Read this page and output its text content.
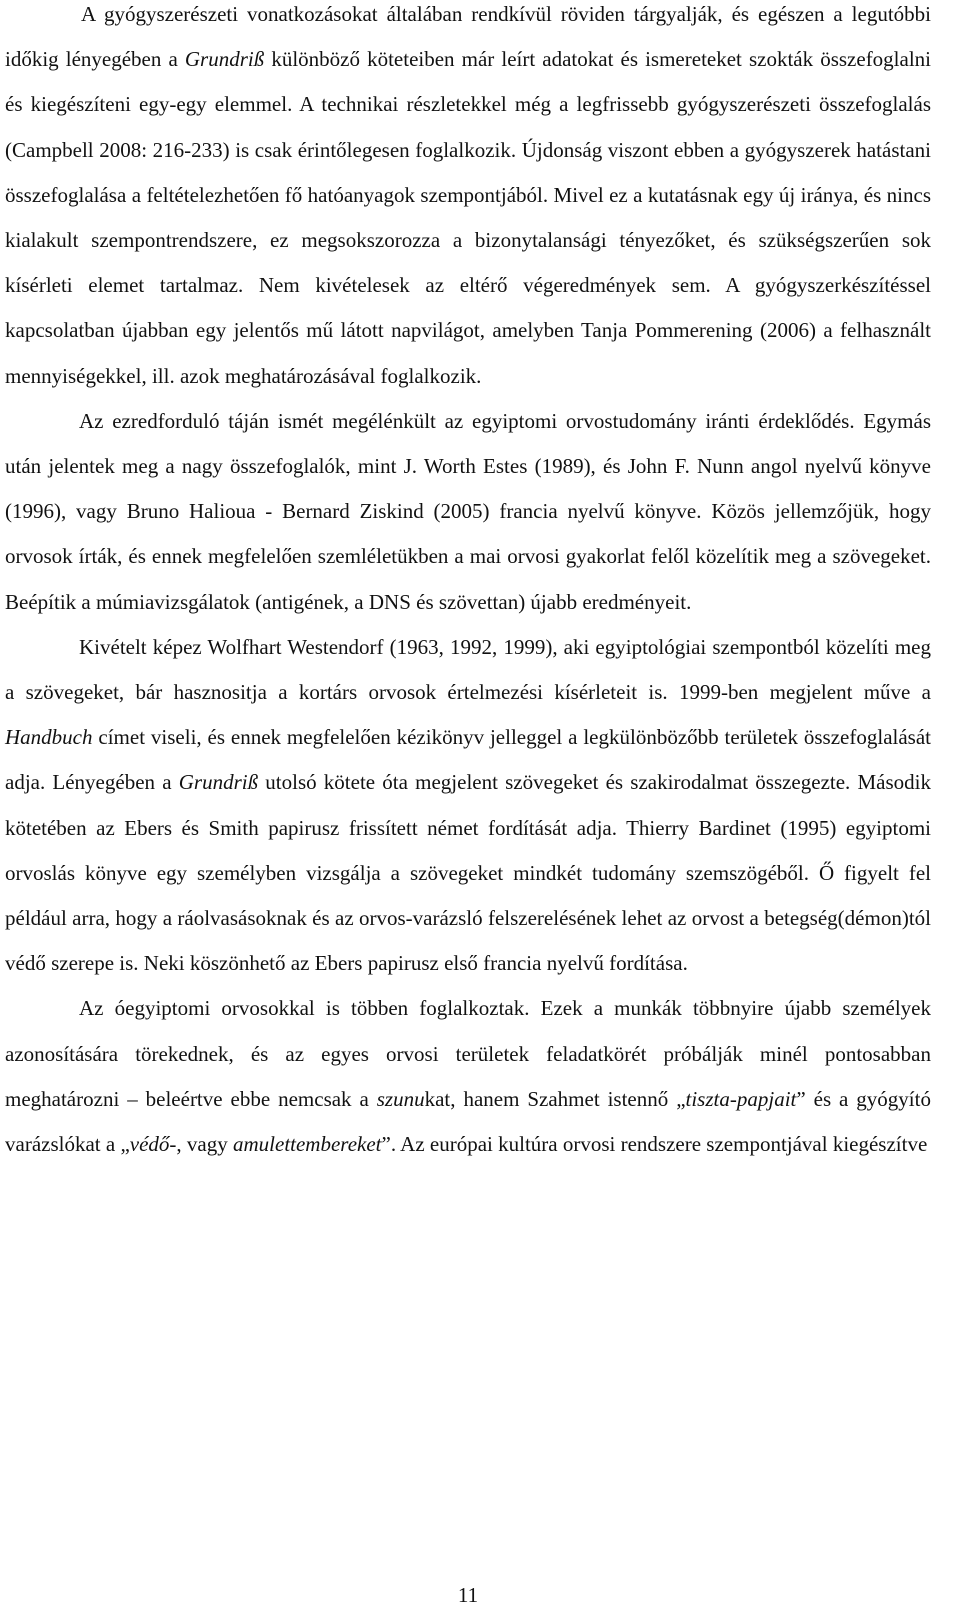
A gyógyszerészeti vonatkozásokat általában rendkívül röviden tárgyalják, és egészen a legutóbbi időkig lényegében a Grundriß különböző köteteiben már leírt adatokat és ismereteket szokták összefoglalni és kiegészíteni egy-egy elemmel. A technikai részletekkel még a legfrissebb gyógyszerészeti összefoglalás (Campbell 2008: 216-233) is csak érintőlegesen foglalkozik. Újdonság viszont ebben a gyógyszerek hatástani összefoglalása a feltételezhetően fő hatóanyagok szempontjából. Mivel ez a kutatásnak egy új iránya, és nincs kialakult szempontrendszere, ez megsokszorozza a bizonytalansági tényezőket, és szükségszerűen sok kísérleti elemet tartalmaz. Nem kivételesek az eltérő végeredmények sem. A gyógyszerkészítéssel kapcsolatban újabban egy jelentős mű látott napvilágot, amelyben Tanja Pommerening (2006) a felhasznált mennyiségekkel, ill. azok meghatározásával foglalkozik.

Az ezredforduló táján ismét megélénkült az egyiptomi orvostudomány iránti érdeklődés. Egymás után jelentek meg a nagy összefoglalók, mint J. Worth Estes (1989), és John F. Nunn angol nyelvű könyve (1996), vagy Bruno Halioua - Bernard Ziskind (2005) francia nyelvű könyve. Közös jellemzőjük, hogy orvosok írták, és ennek megfelelően szemléletükben a mai orvosi gyakorlat felől közelítik meg a szövegeket. Beépítik a múmiavizsgálatok (antigének, a DNS és szövettan) újabb eredményeit.

Kivételt képez Wolfhart Westendorf (1963, 1992, 1999), aki egyiptológiai szempontból közelíti meg a szövegeket, bár hasznositja a kortárs orvosok értelmezési kísérleteit is. 1999-ben megjelent műve a Handbuch címet viseli, és ennek megfelelően kézikönyv jelleggel a legkülönbözőbb területek összefoglalását adja. Lényegében a Grundriß utolsó kötete óta megjelent szövegeket és szakirodalmat összegezte. Második kötetében az Ebers és Smith papirusz frissített német fordítását adja. Thierry Bardinet (1995) egyiptomi orvoslás könyve egy személyben vizsgálja a szövegeket mindkét tudomány szemszögéből. Ő figyelt fel például arra, hogy a ráolvasásoknak és az orvos-varázsló felszerelésének lehet az orvost a betegség(démon)tól védő szerepe is. Neki köszönhető az Ebers papirusz első francia nyelvű fordítása.

Az óegyiptomi orvosokkal is többen foglalkoztak. Ezek a munkák többnyire újabb személyek azonosítására törekednek, és az egyes orvosi területek feladatkörét próbálják minél pontosabban meghatározni – beleértve ebbe nemcsak a szunukat, hanem Szahmet istennő „tiszta-papjait” és a gyógyító varázslókat a „védő-, vagy amulettembereket”. Az európai kultúra orvosi rendszere szempontjával kiegészítve

11
